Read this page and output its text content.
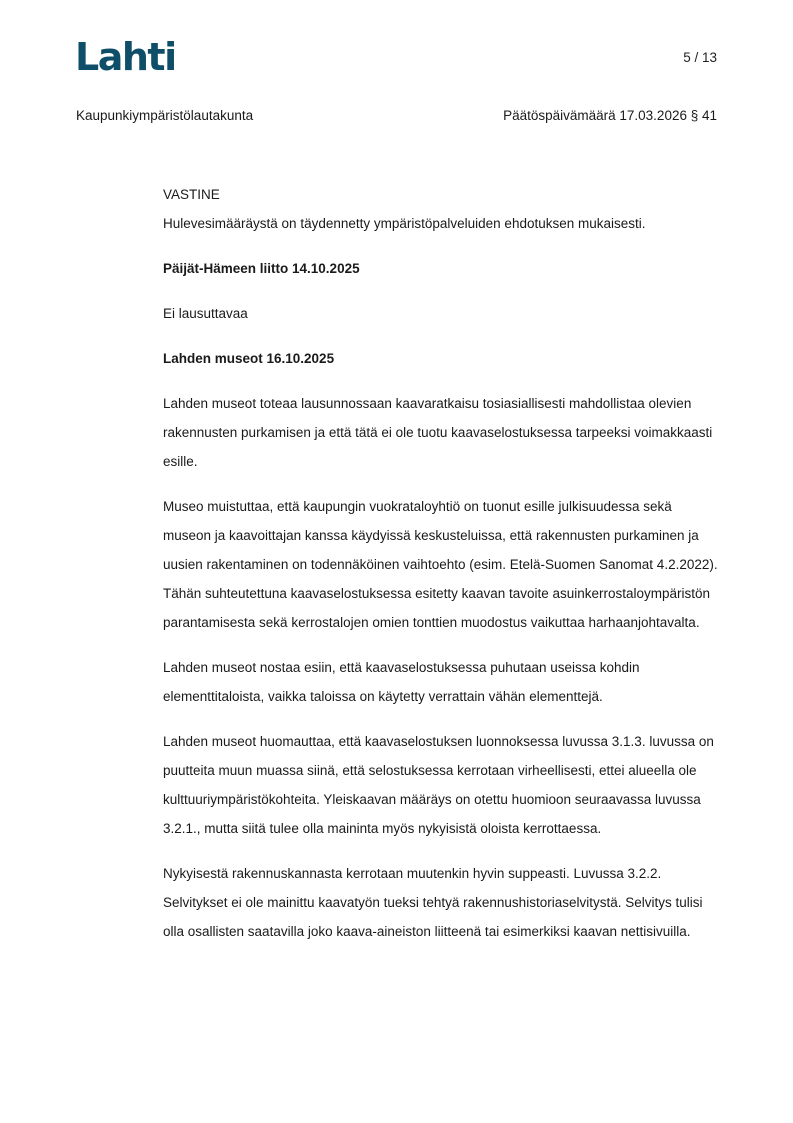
Lahti	5 / 13
Kaupunkiympäristölautakunta	Päätöspäivämäärä 17.03.2026 § 41

VASTINE

Hulevesimääräystä on täydennetty ympäristöpalveluiden ehdotuksen mukaisesti.

Päijät-Hämeen liitto 14.10.2025

Ei lausuttavaa

Lahden museot 16.10.2025

Lahden museot toteaa lausunnossaan kaavaratkaisu tosiasiallisesti mahdollistaa olevien rakennusten purkamisen ja että tätä ei ole tuotu kaavaselostuksessa tarpeeksi voimakkaasti esille.

Museo muistuttaa, että kaupungin vuokrataloyhtiö on tuonut esille julkisuudessa sekä museon ja kaavoittajan kanssa käydyissä keskusteluissa, että rakennusten purkaminen ja uusien rakentaminen on todennäköinen vaihtoehto (esim. Etelä-Suomen Sanomat 4.2.2022). Tähän suhteutettuna kaavaselostuksessa esitetty kaavan tavoite asuinkerrostaloympäristön parantamisesta sekä kerrostalojen omien tonttien muodostus vaikuttaa harhaanjohtavalta.

Lahden museot nostaa esiin, että kaavaselostuksessa puhutaan useissa kohdin elementtitaloista, vaikka taloissa on käytetty verrattain vähän elementtejä.

Lahden museot huomauttaa, että kaavaselostuksen luonnoksessa luvussa 3.1.3. luvussa on puutteita muun muassa siinä, että selostuksessa kerrotaan virheellisesti, ettei alueella ole kulttuuriympäristökohteita. Yleiskaavan määräys on otettu huomioon seuraavassa luvussa 3.2.1., mutta siitä tulee olla maininta myös nykyisistä oloista kerrottaessa.

Nykyisestä rakennuskannasta kerrotaan muutenkin hyvin suppeasti. Luvussa 3.2.2. Selvitykset ei ole mainittu kaavatyön tueksi tehtyä rakennushistoriaselvitystä. Selvitys tulisi olla osallisten saatavilla joko kaava-aineiston liitteenä tai esimerkiksi kaavan nettisivuilla.
